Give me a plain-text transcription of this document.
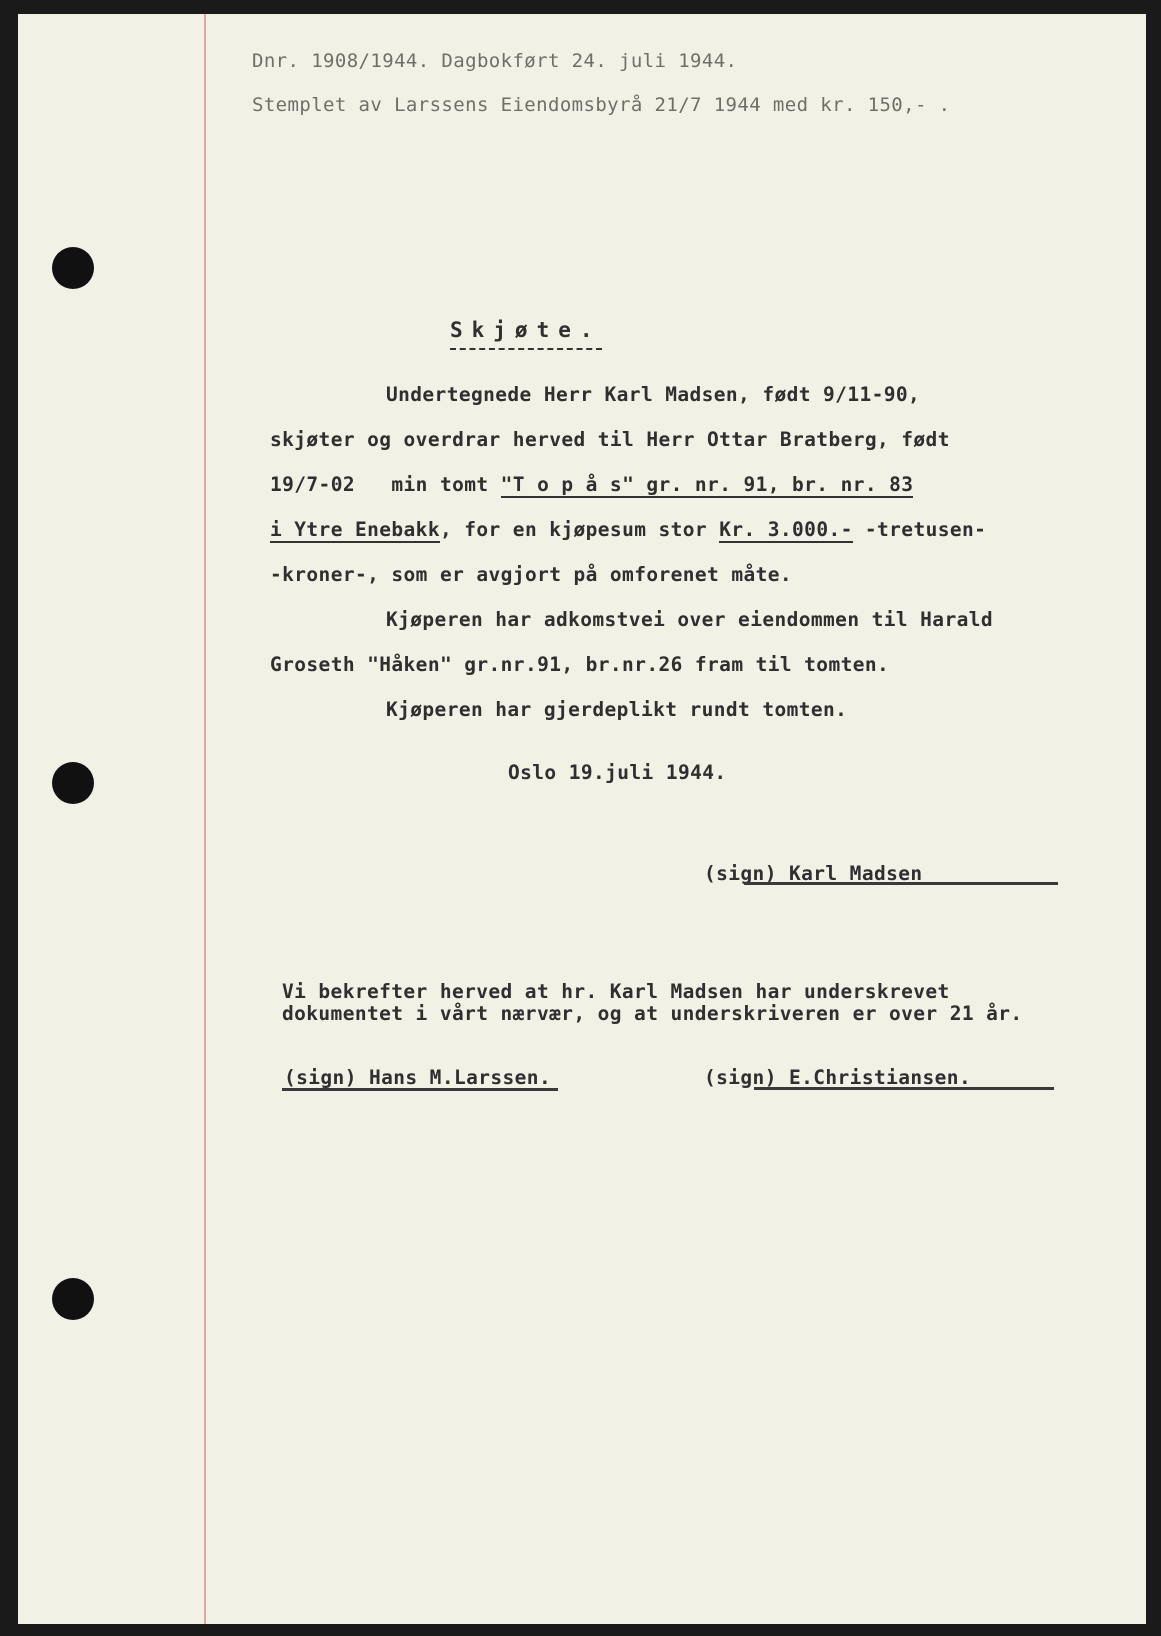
Dnr. 1908/1944. Dagbokført 24. juli 1944.
Stemplet av Larssens Eiendomsbyrå 21/7 1944 med kr. 150,- .
Skjøte.
Undertegnede Herr Karl Madsen, født 9/11-90,
skjøter og overdrar herved til Herr Ottar Bratberg, født
19/7-02   min tomt "T o p å s" gr. nr. 91, br. nr. 83
i Ytre Enebakk, for en kjøpesum stor Kr. 3.000.- -tretusen-
-kroner-, som er avgjort på omforenet måte.
Kjøperen har adkomstvei over eiendommen til Harald
Groseth "Håken" gr.nr.91, br.nr.26 fram til tomten.
Kjøperen har gjerdeplikt rundt tomten.
Oslo 19.juli 1944.
(sign) Karl Madsen
Vi bekrefter herved at hr. Karl Madsen har underskrevet
dokumentet i vårt nærvær, og at underskriveren er over 21 år.
(sign) Hans M.Larssen.	(sign) E.Christiansen.
